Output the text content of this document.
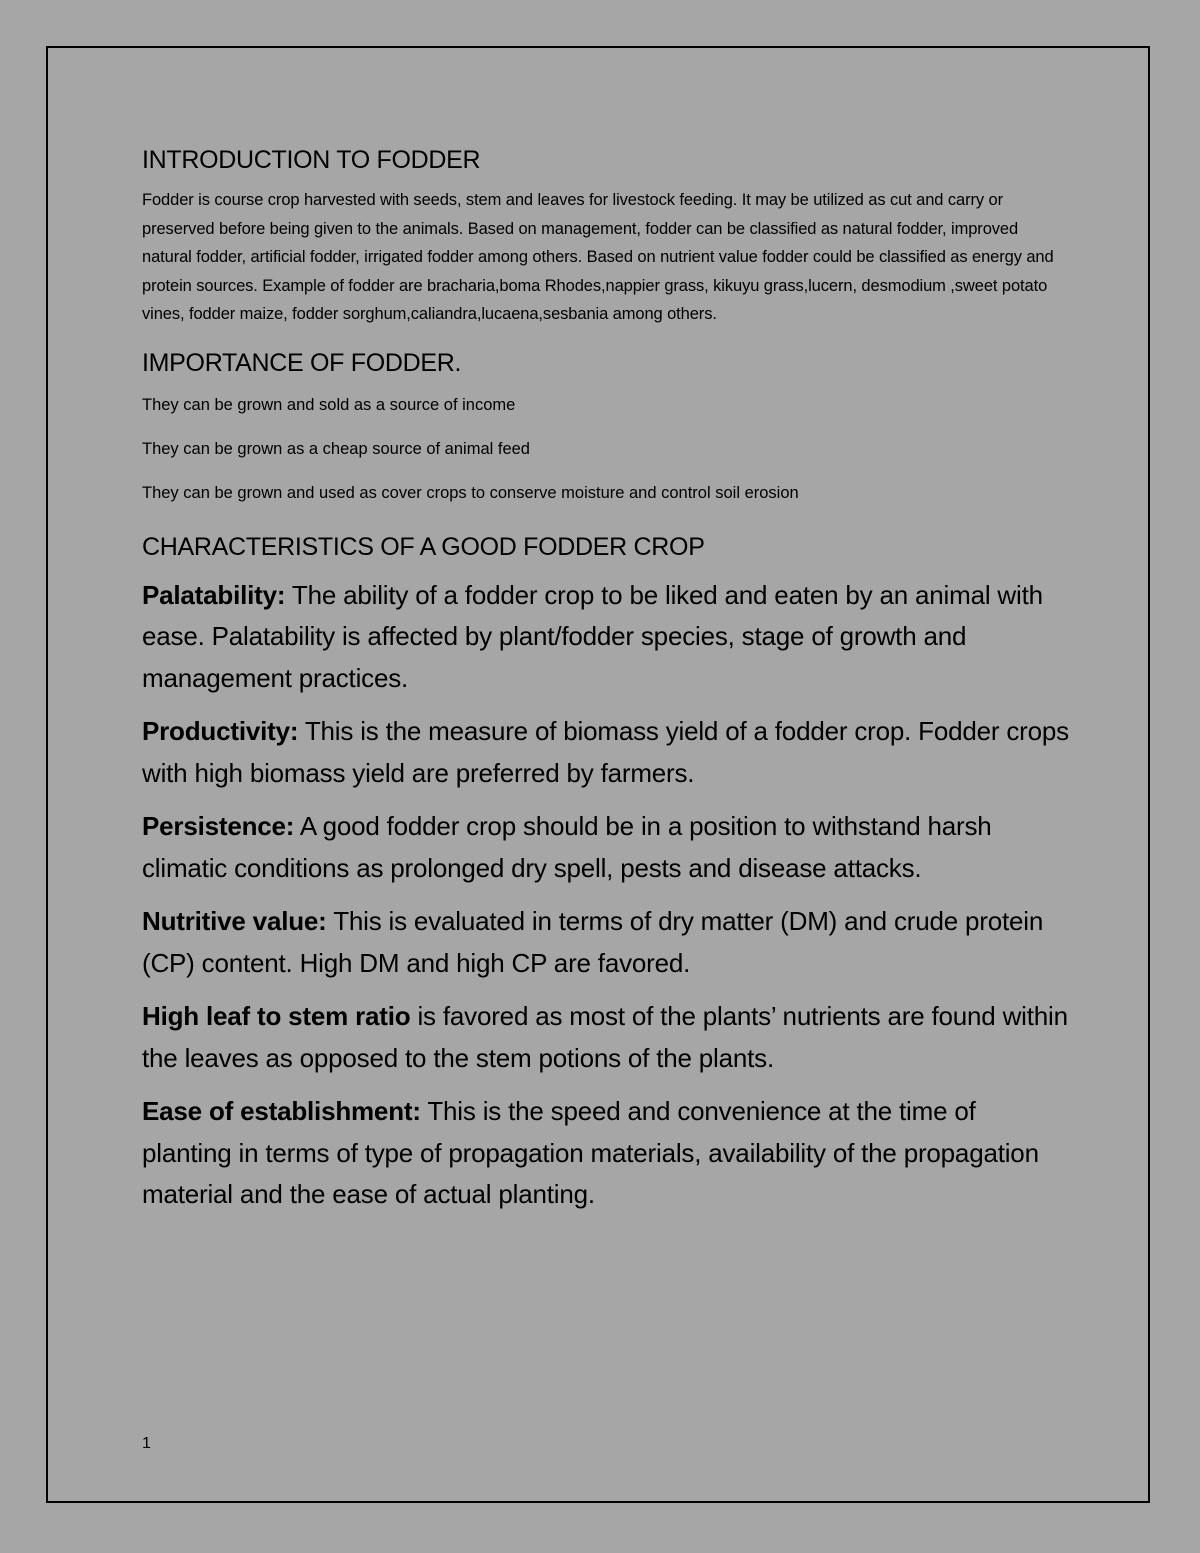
INTRODUCTION TO FODDER

Fodder is course crop harvested with seeds, stem and leaves for livestock feeding. It may be utilized as cut and carry or preserved before being given to the animals. Based on management, fodder can be classified as natural fodder, improved natural fodder, artificial fodder, irrigated fodder among others. Based on nutrient value fodder could be classified as energy and protein sources. Example of fodder are bracharia,boma Rhodes,nappier grass, kikuyu grass,lucern, desmodium ,sweet potato vines, fodder maize, fodder sorghum,caliandra,lucaena,sesbania among others.

IMPORTANCE OF FODDER.

They can be grown and sold as a source of income

They can be grown as a cheap source of animal feed

They can be grown and used as cover crops to conserve moisture and control soil erosion

CHARACTERISTICS OF A GOOD FODDER CROP

Palatability: The ability of a fodder crop to be liked and eaten by an animal with ease. Palatability is affected by plant/fodder species, stage of growth and management practices.

Productivity: This is the measure of biomass yield of a fodder crop. Fodder crops with high biomass yield are preferred by farmers.

Persistence: A good fodder crop should be in a position to withstand harsh climatic conditions as prolonged dry spell, pests and disease attacks.

Nutritive value: This is evaluated in terms of dry matter (DM) and crude protein (CP) content. High DM and high CP are favored.

High leaf to stem ratio is favored as most of the plants’ nutrients are found within the leaves as opposed to the stem potions of the plants.

Ease of establishment: This is the speed and convenience at the time of planting in terms of type of propagation materials, availability of the propagation material and the ease of actual planting.

1
